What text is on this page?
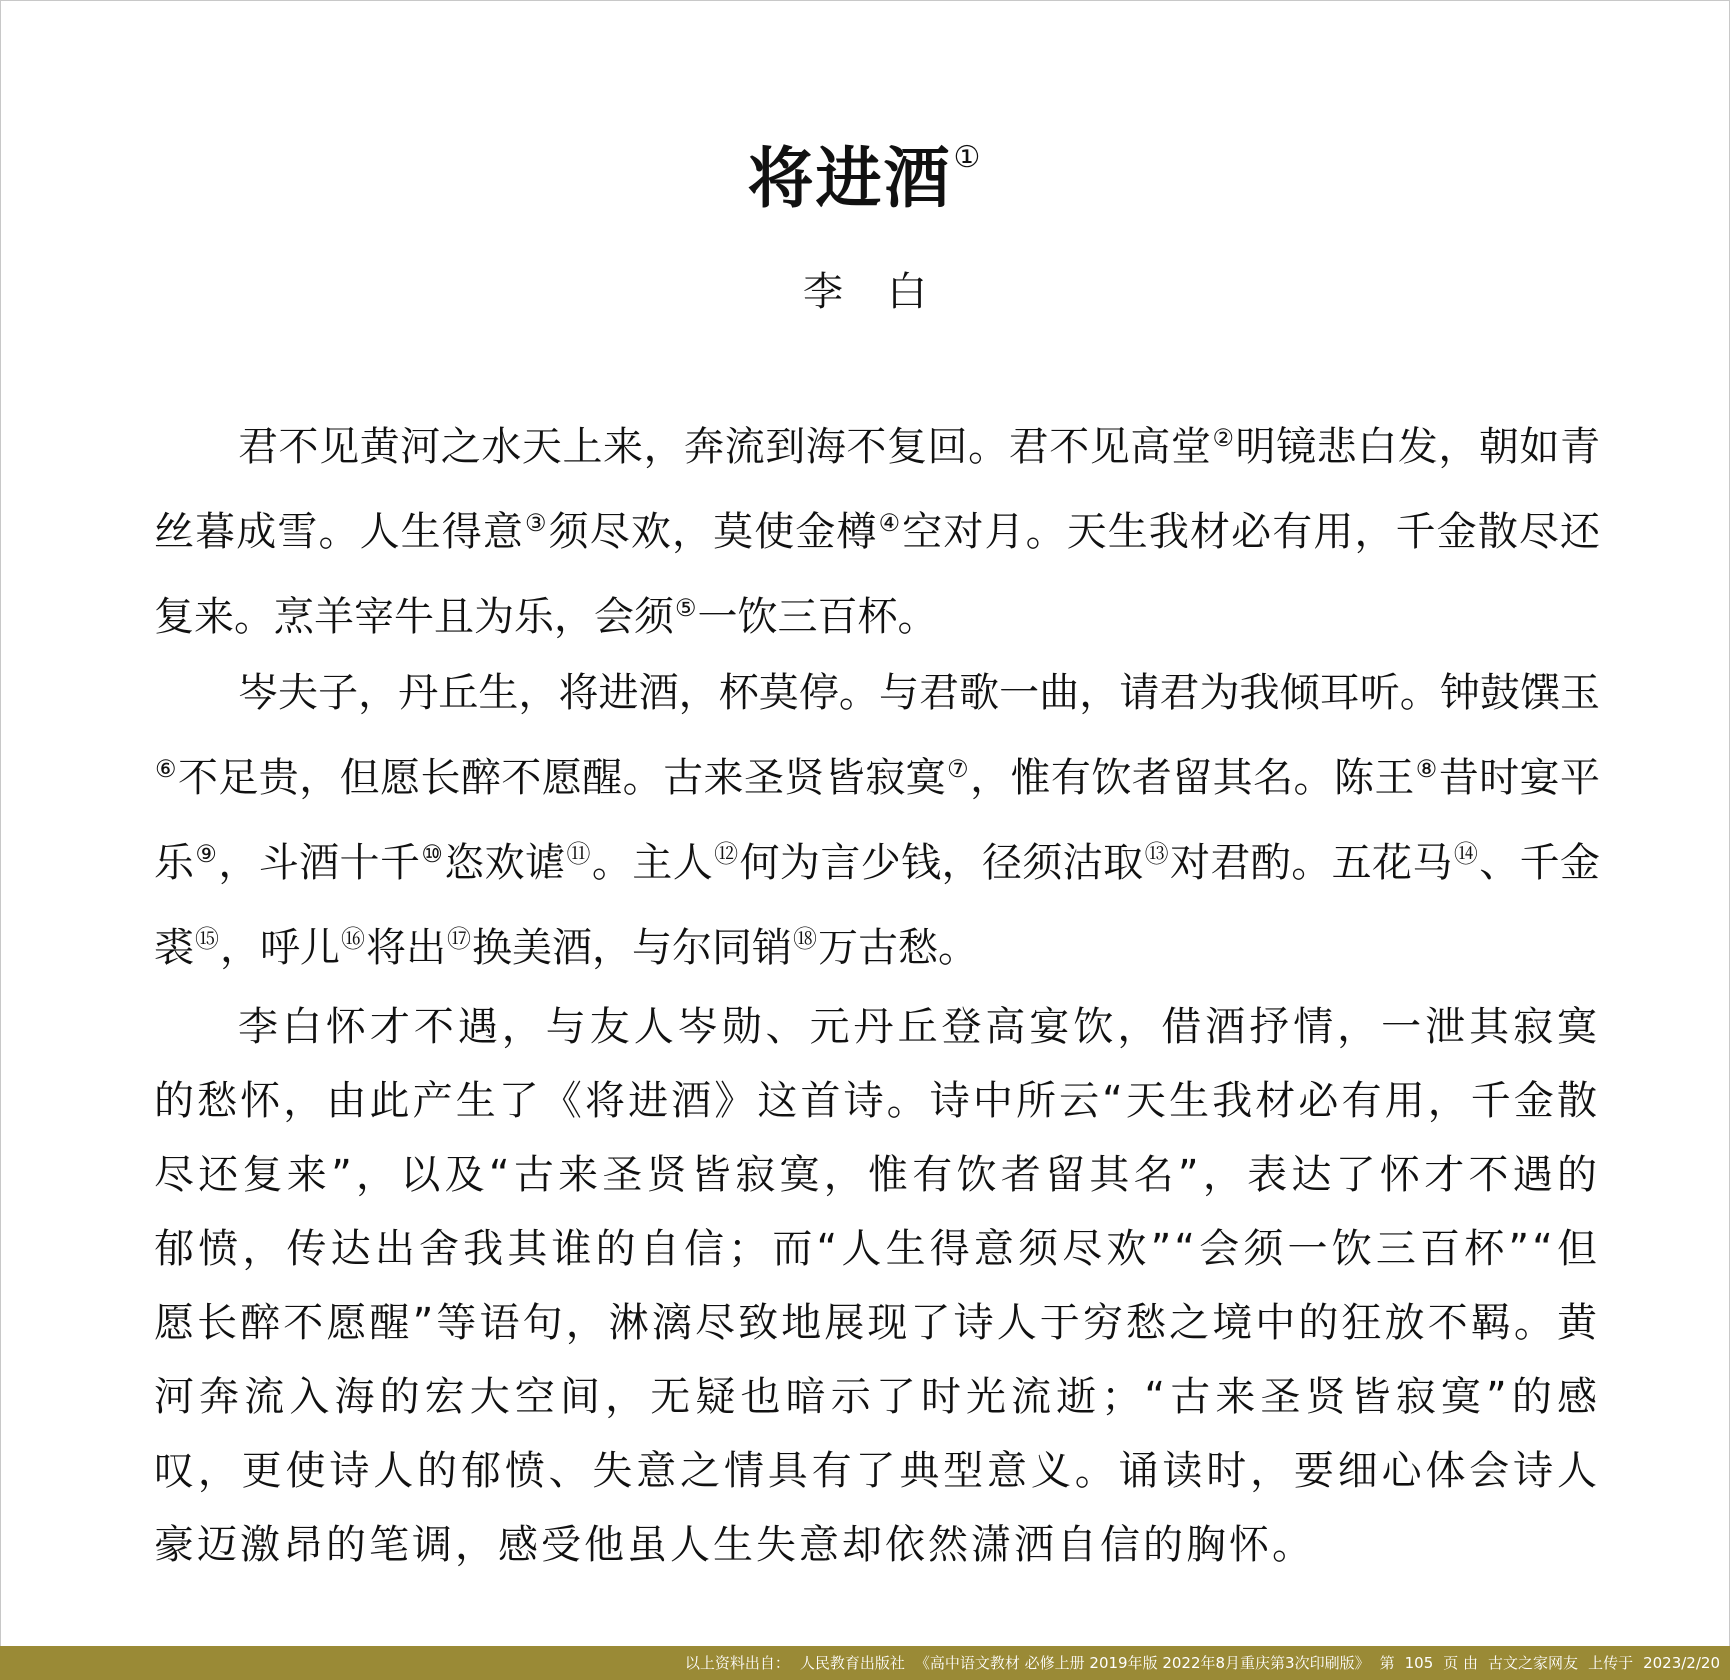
将进酒①
李白

君不见黄河之水天上来，奔流到海不复回。君不见高堂②明镜悲白发，朝如青丝暮成雪。人生得意③须尽欢，莫使金樽④空对月。天生我材必有用，千金散尽还复来。烹羊宰牛且为乐，会须⑤一饮三百杯。

岑夫子，丹丘生，将进酒，杯莫停。与君歌一曲，请君为我倾耳听。钟鼓馔玉⑥不足贵，但愿长醉不愿醒。古来圣贤皆寂寞⑦，惟有饮者留其名。陈王⑧昔时宴平乐⑨，斗酒十千⑩恣欢谑⑪。主人⑫何为言少钱，径须沽取⑬对君酌。五花马⑭、千金裘⑮，呼儿⑯将出⑰换美酒，与尔同销⑱万古愁。

李白怀才不遇，与友人岑勋、元丹丘登高宴饮，借酒抒情，一泄其寂寞的愁怀，由此产生了《将进酒》这首诗。诗中所云“天生我材必有用，千金散尽还复来”，以及“古来圣贤皆寂寞，惟有饮者留其名”，表达了怀才不遇的郁愤，传达出舍我其谁的自信；而“人生得意须尽欢”“会须一饮三百杯”“但愿长醉不愿醒”等语句，淋漓尽致地展现了诗人于穷愁之境中的狂放不羁。黄河奔流入海的宏大空间，无疑也暗示了时光流逝；“古来圣贤皆寂寞”的感叹，更使诗人的郁愤、失意之情具有了典型意义。诵读时，要细心体会诗人豪迈激昂的笔调，感受他虽人生失意却依然潇洒自信的胸怀。

以上资料出自： 人民教育出版社 《高中语文教材 必修上册 2019年版 2022年8月重庆第3次印刷版》 第 105 页 由 古文之家网友 上传于 2023/2/20
